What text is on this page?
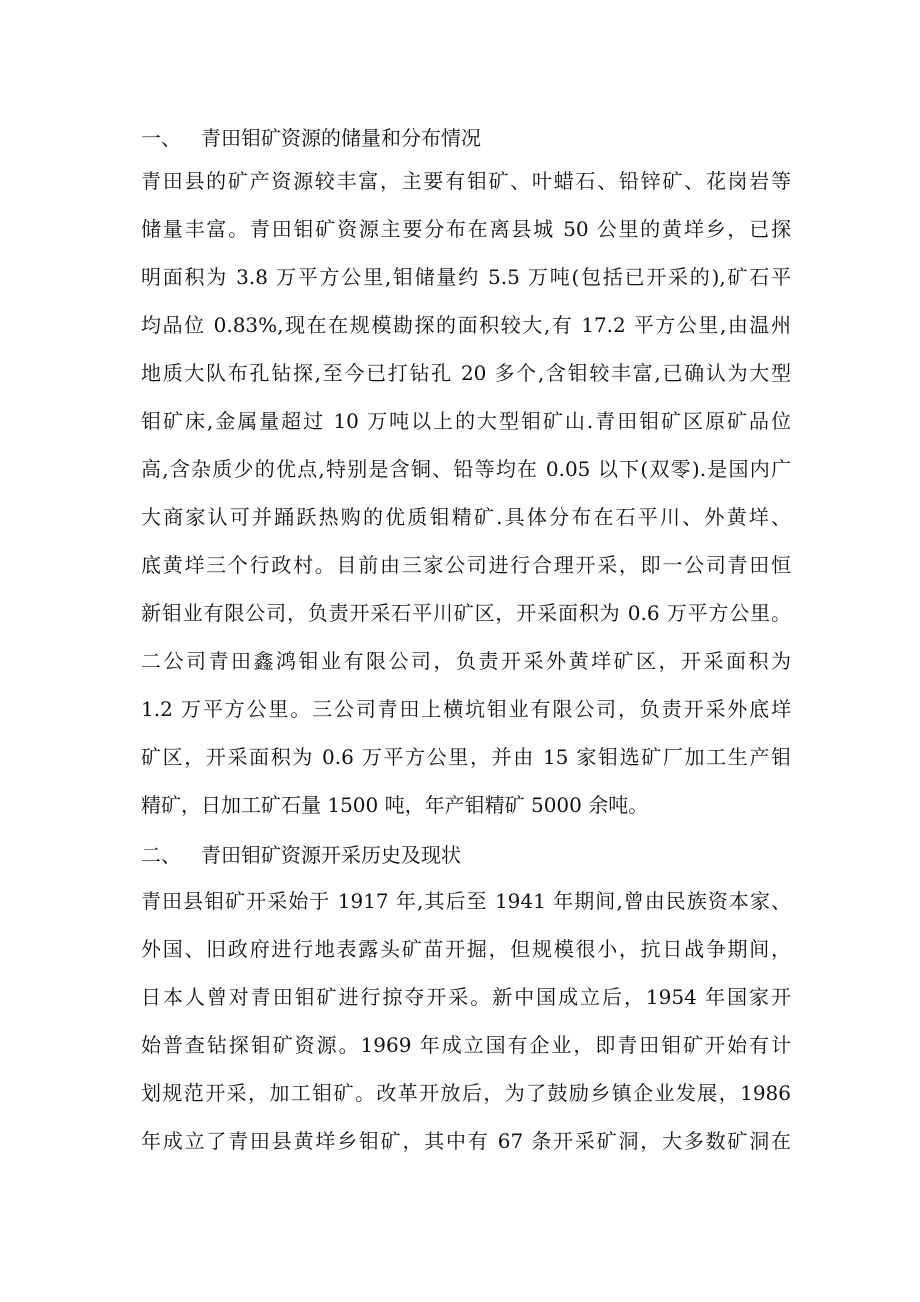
一、 青田钼矿资源的储量和分布情况
青田县的矿产资源较丰富，主要有钼矿、叶蜡石、铅锌矿、花岗岩等
储量丰富。青田钼矿资源主要分布在离县城 50 公里的黄垟乡，已探
明面积为 3.8 万平方公里,钼储量约 5.5 万吨(包括已开采的),矿石平
均品位 0.83%,现在在规模勘探的面积较大,有 17.2 平方公里,由温州
地质大队布孔钻探,至今已打钻孔 20 多个,含钼较丰富,已确认为大型
钼矿床,金属量超过 10 万吨以上的大型钼矿山.青田钼矿区原矿品位
高,含杂质少的优点,特别是含铜、铅等均在 0.05 以下(双零).是国内广
大商家认可并踊跃热购的优质钼精矿.具体分布在石平川、外黄垟、
底黄垟三个行政村。目前由三家公司进行合理开采，即一公司青田恒
新钼业有限公司，负责开采石平川矿区，开采面积为 0.6 万平方公里。
二公司青田鑫鸿钼业有限公司，负责开采外黄垟矿区，开采面积为
1.2 万平方公里。三公司青田上横坑钼业有限公司，负责开采外底垟
矿区，开采面积为 0.6 万平方公里，并由 15 家钼选矿厂加工生产钼
精矿，日加工矿石量 1500 吨，年产钼精矿 5000 余吨。
二、 青田钼矿资源开采历史及现状
青田县钼矿开采始于 1917 年,其后至 1941 年期间,曾由民族资本家、
外国、旧政府进行地表露头矿苗开掘，但规模很小，抗日战争期间，
日本人曾对青田钼矿进行掠夺开采。新中国成立后，1954 年国家开
始普查钻探钼矿资源。1969 年成立国有企业，即青田钼矿开始有计
划规范开采，加工钼矿。改革开放后，为了鼓励乡镇企业发展，1986
年成立了青田县黄垟乡钼矿，其中有 67 条开采矿洞，大多数矿洞在
